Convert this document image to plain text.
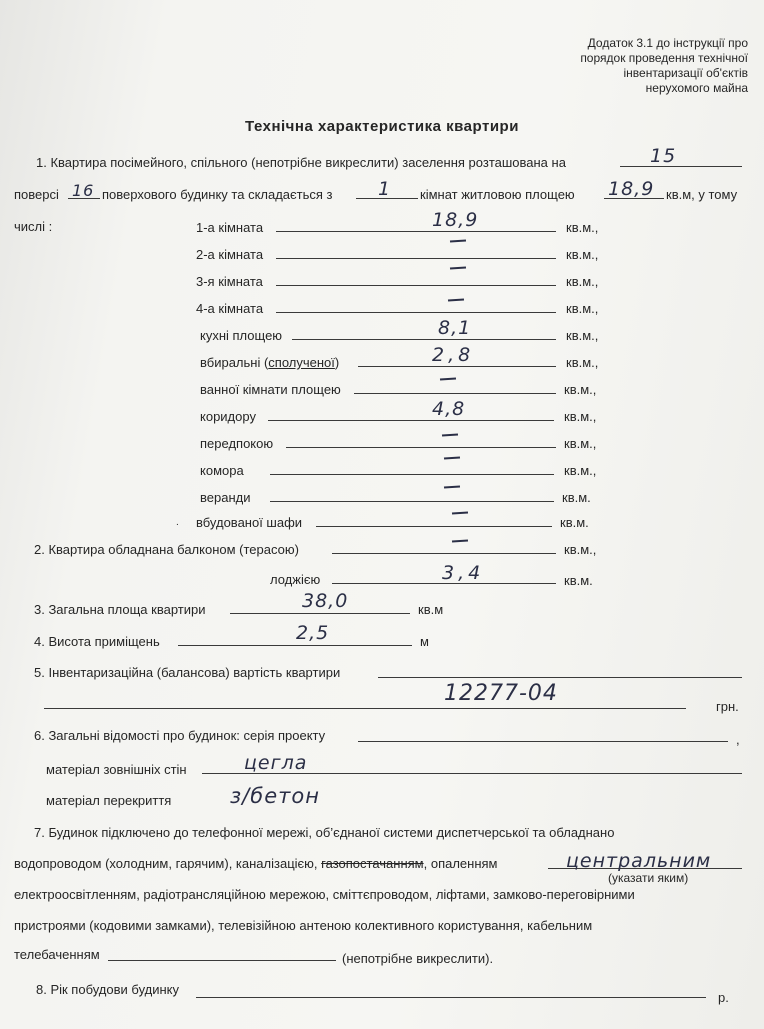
Додаток 3.1 до інструкції про
порядок проведення технічної
інвентаризації об'єктів
нерухомого майна
Технічна характеристика квартири
1. Квартира посімейного, спільного (непотрібне викреслити) заселення розташована на	15
поверсі 16 поверхового будинку та складається з 1 кімнат житловою площею 18,9 кв.м, у тому
числі :	1-а кімната	18,9	кв.м.,
2-а кімната	кв.м.,
3-я кімната	кв.м.,
4-а кімната	кв.м.,
кухні площею	8,1	кв.м.,
вбиральні (сполученої)	2,8	кв.м.,
ванної кімнати площею	кв.м.,
коридору	4,8	кв.м.,
передпокою	кв.м.,
комора	кв.м.,
веранди	кв.м.
. вбудованої шафи	кв.м.
2. Квартира обладнана балконом (терасою)	кв.м.,
лоджією	3,4	кв.м.
3. Загальна площа квартири	38,0	кв.м
4. Висота приміщень	2,5	м
5. Інвентаризаційна (балансова) вартість квартири
12277-04
грн.
6. Загальні відомості про будинок: серія проекту	,
матеріал зовнішніх стін	цегла
матеріал перекриття	з/бетон
7. Будинок підключено до телефонної мережі, об’єднаної системи диспетчерської та обладнано
водопроводом (холодним, гарячим), каналізацією, газопостачанням, опаленням	центральним
(указати яким)
електроосвітленням, радіотрансляційною мережою, сміттєпроводом, ліфтами, замково-переговірними
пристроями (кодовими замками), телевізійною антеною колективного користування, кабельним
телебаченням	(непотрібне викреслити).
8. Рік побудови будинку
р.
